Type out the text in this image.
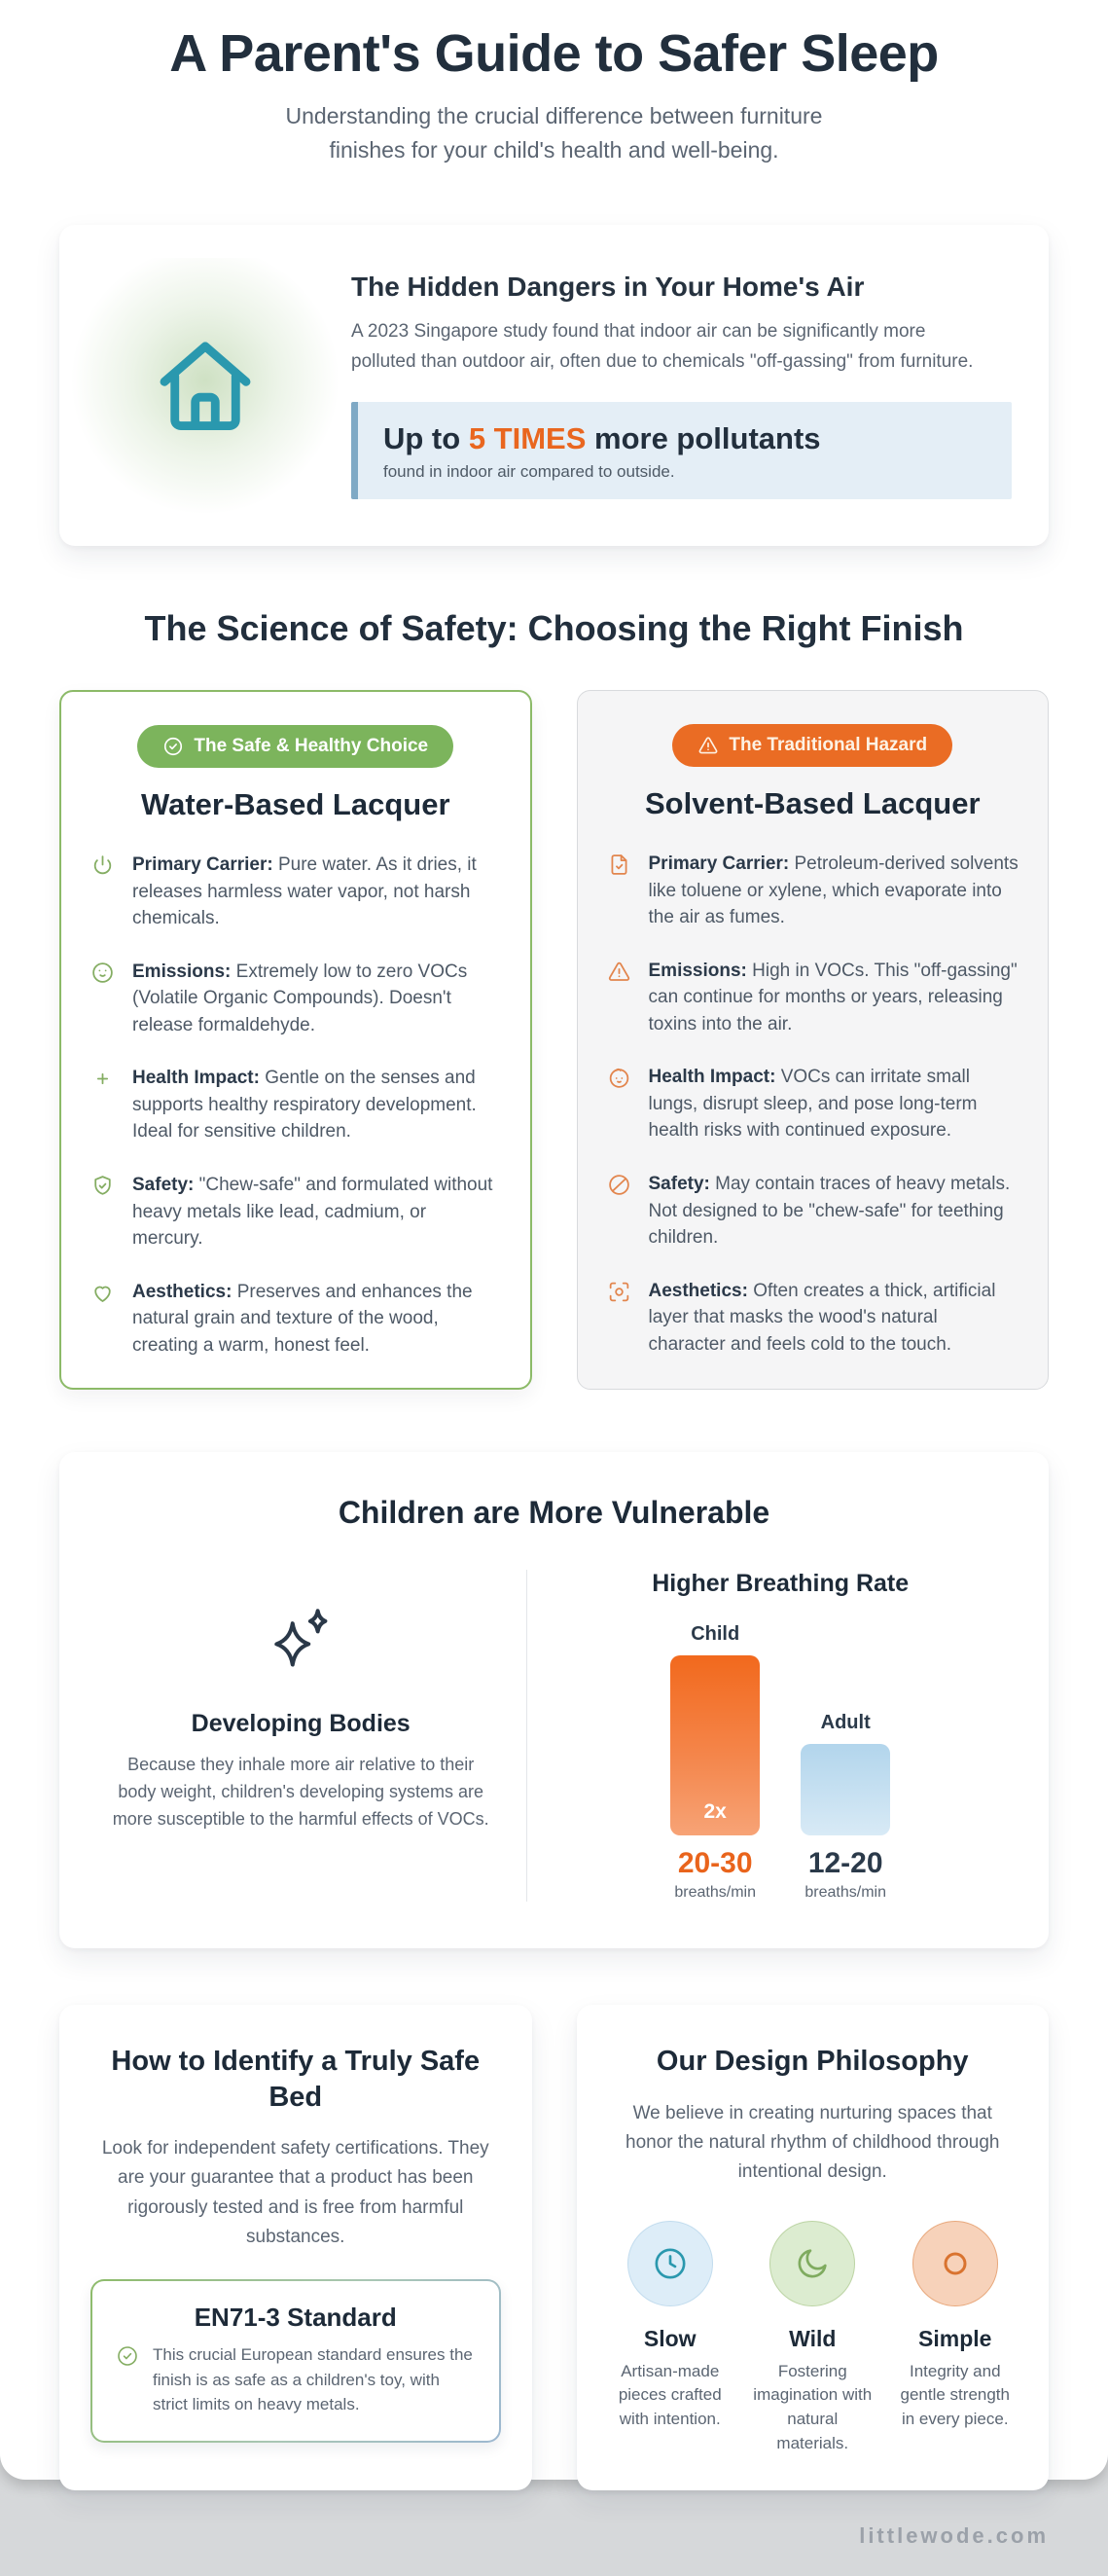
A Parent's Guide to Safer Sleep
Understanding the crucial difference between furniture finishes for your child's health and well-being.
The Hidden Dangers in Your Home's Air

A 2023 Singapore study found that indoor air can be significantly more polluted than outdoor air, often due to chemicals "off-gassing" from furniture.

Up to 5 TIMES more pollutants
found in indoor air compared to outside.
The Science of Safety: Choosing the Right Finish
The Safe & Healthy Choice
Water-Based Lacquer

Primary Carrier: Pure water. As it dries, it releases harmless water vapor, not harsh chemicals.

Emissions: Extremely low to zero VOCs (Volatile Organic Compounds). Doesn't release formaldehyde.

Health Impact: Gentle on the senses and supports healthy respiratory development. Ideal for sensitive children.

Safety: "Chew-safe" and formulated without heavy metals like lead, cadmium, or mercury.

Aesthetics: Preserves and enhances the natural grain and texture of the wood, creating a warm, honest feel.

The Traditional Hazard
Solvent-Based Lacquer

Primary Carrier: Petroleum-derived solvents like toluene or xylene, which evaporate into the air as fumes.

Emissions: High in VOCs. This "off-gassing" can continue for months or years, releasing toxins into the air.

Health Impact: VOCs can irritate small lungs, disrupt sleep, and pose long-term health risks with continued exposure.

Safety: May contain traces of heavy metals. Not designed to be "chew-safe" for teething children.

Aesthetics: Often creates a thick, artificial layer that masks the wood's natural character and feels cold to the touch.

Children are More Vulnerable
Developing Bodies

Because they inhale more air relative to their body weight, children's developing systems are more susceptible to the harmful effects of VOCs.

Higher Breathing Rate
Child
2x
20-30
breaths/min
Adult
12-20
breaths/min
How to Identify a Truly Safe Bed

Look for independent safety certifications. They are your guarantee that a product has been rigorously tested and is free from harmful substances.

EN71-3 Standard

This crucial European standard ensures the finish is as safe as a children's toy, with strict limits on heavy metals.

Our Design Philosophy

We believe in creating nurturing spaces that honor the natural rhythm of childhood through intentional design.

Slow

Artisan-made pieces crafted with intention.

Wild

Fostering imagination with natural materials.

Simple

Integrity and gentle strength in every piece.

littlewode.com
